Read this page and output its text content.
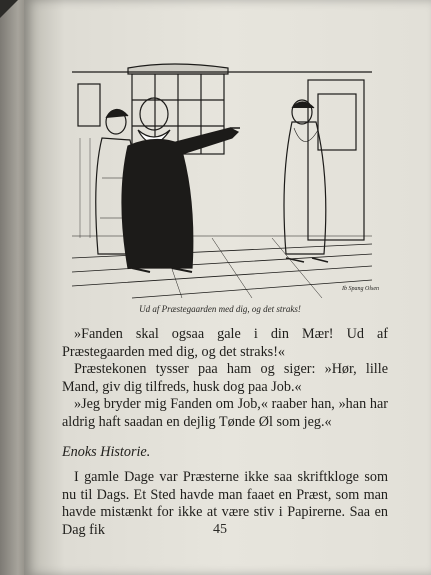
Ib Spang Olsen
Ud af Præstegaarden med dig, og det straks!

»Fanden skal ogsaa gale i din Mær! Ud af Præstegaarden med dig, og det straks!«

Præstekonen tysser paa ham og siger: »Hør, lille Mand, giv dig tilfreds, husk dog paa Job.«

»Jeg bryder mig Fanden om Job,« raaber han, »han har aldrig haft saadan en dejlig Tønde Øl som jeg.«

Enoks Historie.

I gamle Dage var Præsterne ikke saa skriftkloge som nu til Dags. Et Sted havde man faaet en Præst, som man havde mistænkt for ikke at være stiv i Papirerne. Saa en Dag fik	45
